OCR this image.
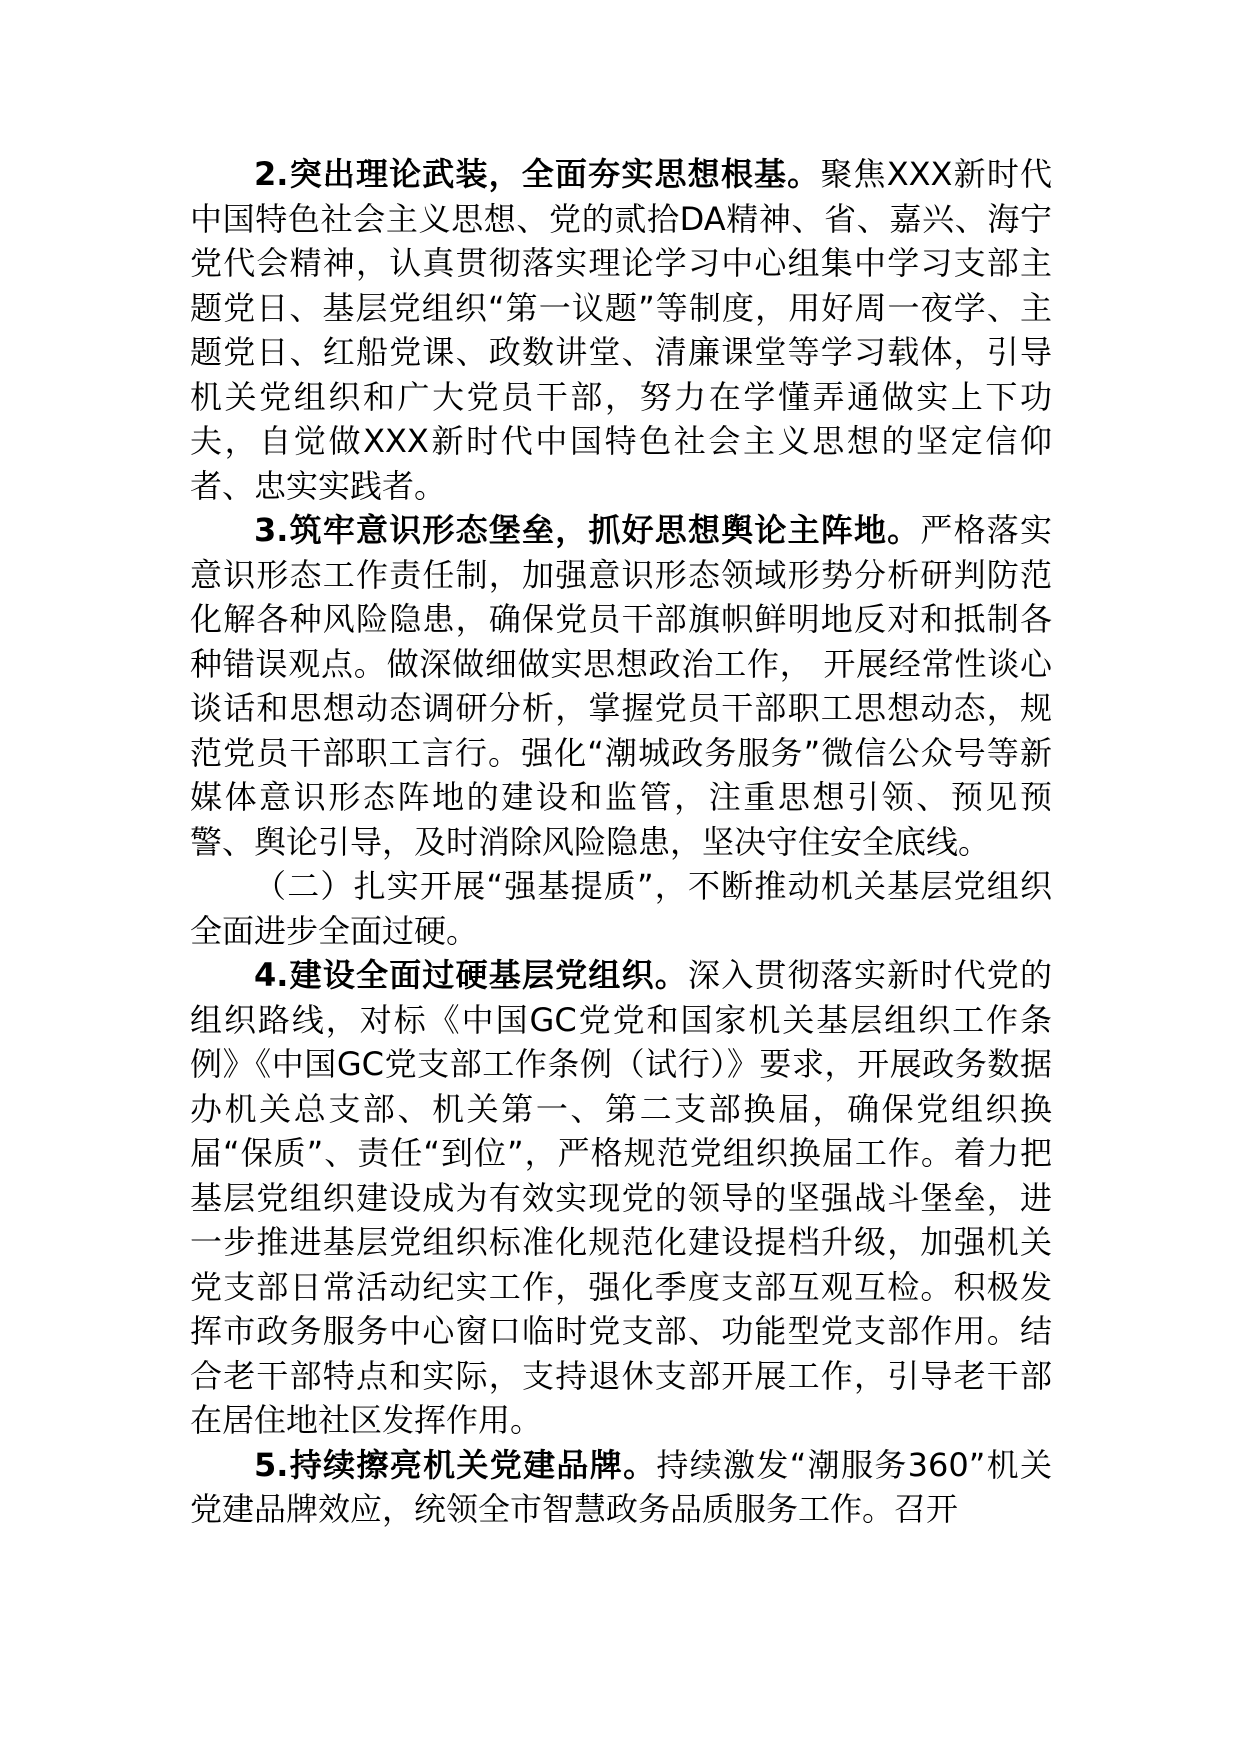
2.突出理论武装，全面夯实思想根基。聚焦XXX新时代中国特色社会主义思想、党的贰拾DA精神、省、嘉兴、海宁党代会精神，认真贯彻落实理论学习中心组集中学习支部主题党日、基层党组织“第一议题”等制度，用好周一夜学、主题党日、红船党课、政数讲堂、清廉课堂等学习载体，引导机关党组织和广大党员干部，努力在学懂弄通做实上下功夫，自觉做XXX新时代中国特色社会主义思想的坚定信仰者、忠实实践者。

3.筑牢意识形态堡垒，抓好思想舆论主阵地。严格落实意识形态工作责任制，加强意识形态领域形势分析研判防范化解各种风险隐患，确保党员干部旗帜鲜明地反对和抵制各种错误观点。做深做细做实思想政治工作， 开展经常性谈心谈话和思想动态调研分析，掌握党员干部职工思想动态，规范党员干部职工言行。强化“潮城政务服务”微信公众号等新媒体意识形态阵地的建设和监管，注重思想引领、预见预警、舆论引导，及时消除风险隐患，坚决守住安全底线。

（二）扎实开展“强基提质”，不断推动机关基层党组织全面进步全面过硬。

4.建设全面过硬基层党组织。深入贯彻落实新时代党的组织路线，对标《中国GC党党和国家机关基层组织工作条例》《中国GC党支部工作条例（试行）》要求，开展政务数据办机关总支部、机关第一、第二支部换届，确保党组织换届“保质”、责任“到位”，严格规范党组织换届工作。着力把基层党组织建设成为有效实现党的领导的坚强战斗堡垒，进一步推进基层党组织标准化规范化建设提档升级，加强机关党支部日常活动纪实工作，强化季度支部互观互检。积极发挥市政务服务中心窗口临时党支部、功能型党支部作用。结合老干部特点和实际，支持退休支部开展工作，引导老干部在居住地社区发挥作用。

5.持续擦亮机关党建品牌。持续激发“潮服务360”机关党建品牌效应，统领全市智慧政务品质服务工作。召开
